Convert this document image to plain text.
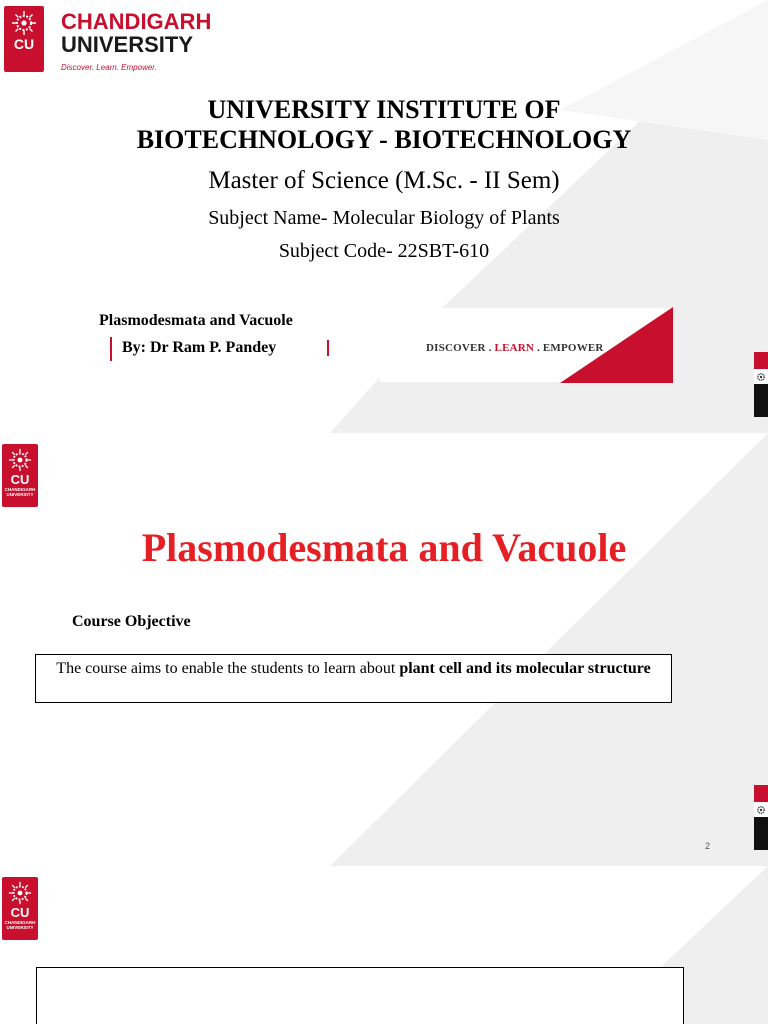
CU
CHANDIGARH
UNIVERSITY
Discover. Learn. Empower.
UNIVERSITY INSTITUTE OF
BIOTECHNOLOGY - BIOTECHNOLOGY
Master of Science (M.Sc. - II Sem)
Subject Name- Molecular Biology of Plants
Subject Code- 22SBT-610
Plasmodesmata and Vacuole
By: Dr Ram P. Pandey	DISCOVER . LEARN . EMPOWER
CU
CHANDIGARH
UNIVERSITY
Plasmodesmata and Vacuole
Course Objective
The course aims to enable the students to learn about plant cell and its molecular structure
2
CU
CHANDIGARH
UNIVERSITY
